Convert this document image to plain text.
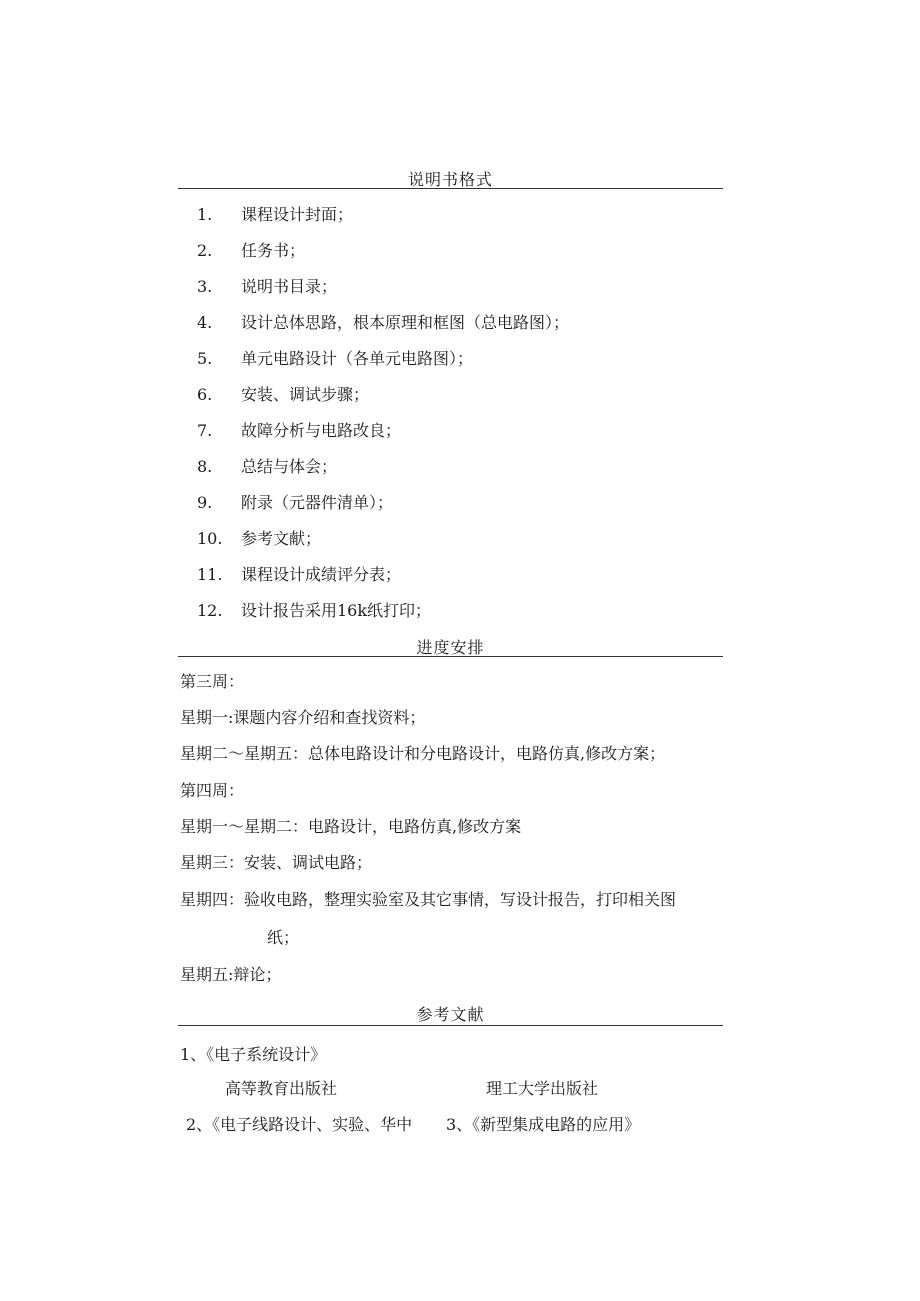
说明书格式
1. 课程设计封面；
2. 任务书；
3. 说明书目录；
4. 设计总体思路，根本原理和框图（总电路图）；
5. 单元电路设计（各单元电路图）；
6. 安装、调试步骤；
7. 故障分析与电路改良；
8. 总结与体会；
9. 附录（元器件清单）；
10. 参考文献；
11. 课程设计成绩评分表；
12. 设计报告采用16k纸打印；
进度安排
第三周：
星期一:课题内容介绍和查找资料；
星期二～星期五：总体电路设计和分电路设计，电路仿真,修改方案；
第四周：
星期一～星期二：电路设计，电路仿真,修改方案
星期三：安装、调试电路；
星期四：验收电路，整理实验室及其它事情，写设计报告，打印相关图
纸；
星期五:辩论；
参考文献
1、《电子系统设计》
高等教育出版社	理工大学出版社
2、《电子线路设计、实验、华中 3、《新型集成电路的应用》
